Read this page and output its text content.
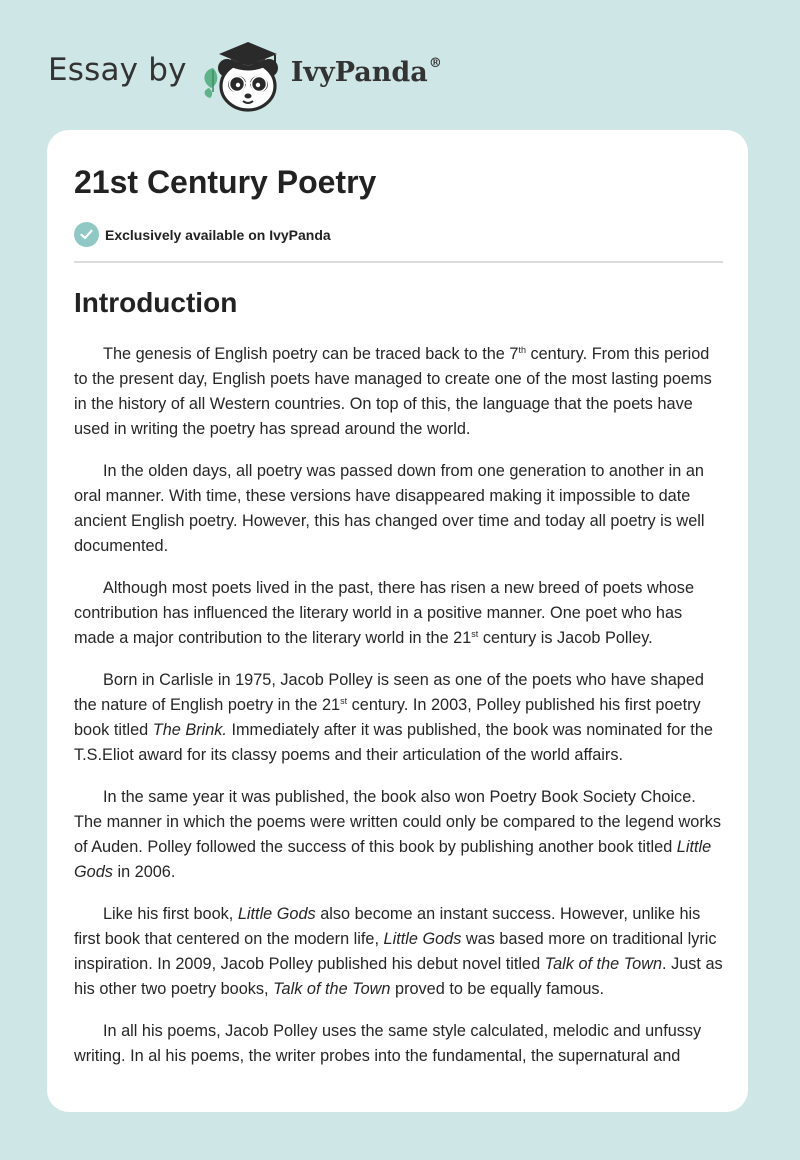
Essay by	IvyPanda®
21st Century Poetry
Exclusively available on IvyPanda
Introduction

The genesis of English poetry can be traced back to the 7th century. From this period to the present day, English poets have managed to create one of the most lasting poems in the history of all Western countries. On top of this, the language that the poets have used in writing the poetry has spread around the world.

In the olden days, all poetry was passed down from one generation to another in an oral manner. With time, these versions have disappeared making it impossible to date ancient English poetry. However, this has changed over time and today all poetry is well documented.

Although most poets lived in the past, there has risen a new breed of poets whose contribution has influenced the literary world in a positive manner. One poet who has made a major contribution to the literary world in the 21st century is Jacob Polley.

Born in Carlisle in 1975, Jacob Polley is seen as one of the poets who have shaped the nature of English poetry in the 21st century. In 2003, Polley published his first poetry book titled The Brink. Immediately after it was published, the book was nominated for the T.S.Eliot award for its classy poems and their articulation of the world affairs.

In the same year it was published, the book also won Poetry Book Society Choice. The manner in which the poems were written could only be compared to the legend works of Auden. Polley followed the success of this book by publishing another book titled Little Gods in 2006.

Like his first book, Little Gods also become an instant success. However, unlike his first book that centered on the modern life, Little Gods was based more on traditional lyric inspiration. In 2009, Jacob Polley published his debut novel titled Talk of the Town. Just as his other two poetry books, Talk of the Town proved to be equally famous.

In all his poems, Jacob Polley uses the same style calculated, melodic and unfussy writing. In al his poems, the writer probes into the fundamental, the supernatural and
